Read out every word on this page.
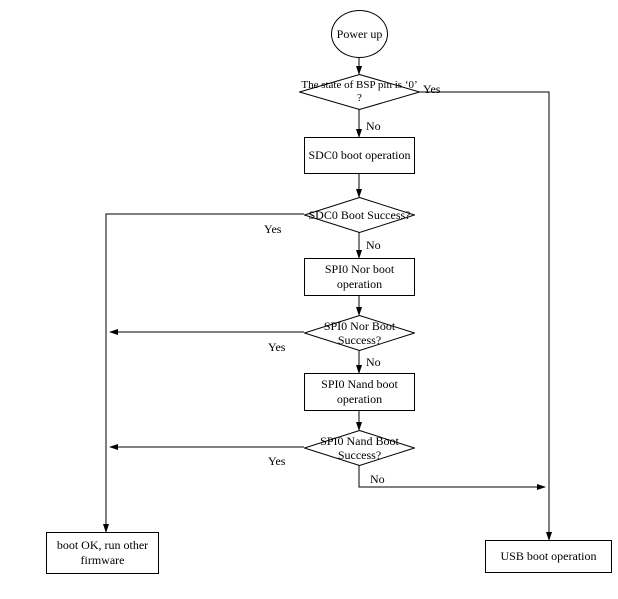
Power up
The state of BSP pin is ‘0’ ?
Yes
No
SDC0 boot operation
SDC0 Boot Success?
Yes
No
SPI0 Nor boot operation
SPI0 Nor Boot Success?
Yes
No
SPI0 Nand boot operation
SPI0 Nand Boot Success?
Yes
No
boot OK, run other firmware	USB boot operation
